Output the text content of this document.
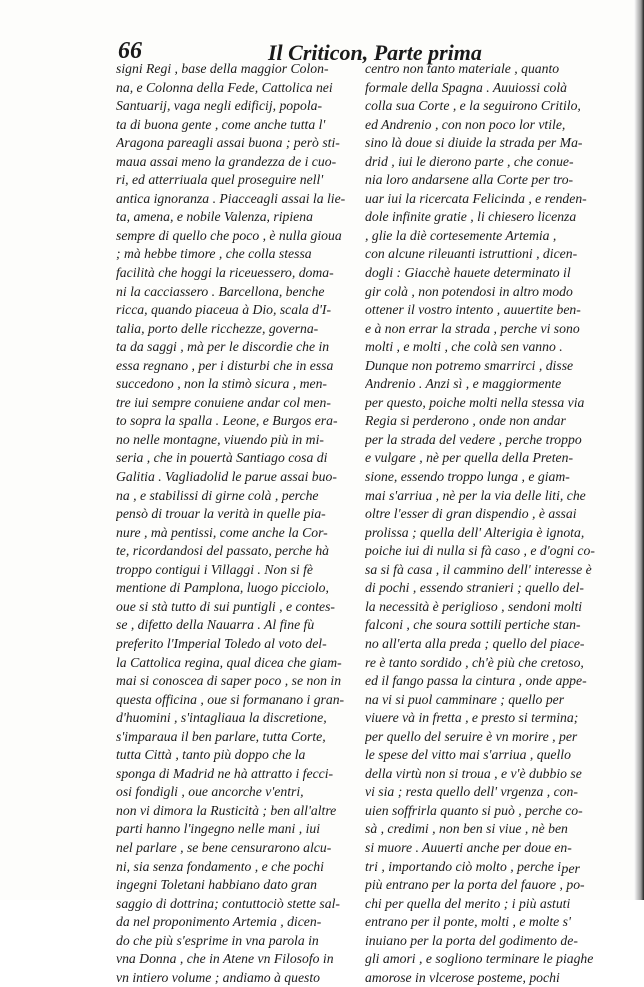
66	Il Criticon, Parte prima
signi Regi , base della maggior Colon-
na, e Colonna della Fede, Cattolica nei
Santuarij, vaga negli edificij, popola-
ta di buona gente , come anche tutta l'
Aragona pareagli assai buona ; però sti-
maua assai meno la grandezza de i cuo-
ri, ed atterriuala quel proseguire nell'
antica ignoranza . Piacceagli assai la lie-
ta, amena, e nobile Valenza, ripiena
sempre di quello che poco , è nulla gioua
; mà hebbe timore , che colla stessa
facilità che hoggi la riceuessero, doma-
ni la cacciassero . Barcellona, benche
ricca, quando piaceua à Dio, scala d'I-
talia, porto delle ricchezze, governa-
ta da saggi , mà per le discordie che in
essa regnano , per i disturbi che in essa
succedono , non la stimò sicura , men-
tre iui sempre conuiene andar col men-
to sopra la spalla . Leone, e Burgos era-
no nelle montagne, viuendo più in mi-
seria , che in pouertà Santiago cosa di
Galitia . Vagliadolid le parue assai buo-
na , e stabilissi di girne colà , perche
pensò di trouar la verità in quelle pia-
nure , mà pentissi, come anche la Cor-
te, ricordandosi del passato, perche hà
troppo contigui i Villaggi . Non si fè
mentione di Pamplona, luogo picciolo,
oue si stà tutto di sui puntigli , e contes-
se , difetto della Nauarra . Al fine fù
preferito l'Imperial Toledo al voto del-
la Cattolica regina, qual dicea che giam-
mai si conoscea di saper poco , se non in
questa officina , oue si formanano i gran-
d'huomini , s'intagliaua la discretione,
s'imparaua il ben parlare, tutta Corte,
tutta Città , tanto più doppo che la
sponga di Madrid ne hà attratto i fecci-
osi fondigli , oue ancorche v'entri,
non vi dimora la Rusticità ; ben all'altre
parti hanno l'ingegno nelle mani , iui
nel parlare , se bene censurarono alcu-
ni, sia senza fondamento , e che pochi
ingegni Toletani habbiano dato gran
saggio di dottrina; contuttociò stette sal-
da nel proponimento Artemia , dicen-
do che più s'esprime in vna parola in
vna Donna , che in Atene vn Filosofo in
vn intiero volume ; andiamo à questo
centro non tanto materiale , quanto
formale della Spagna . Auuiossi colà
colla sua Corte , e la seguirono Critilo,
ed Andrenio , con non poco lor vtile,
sino là doue si diuide la strada per Ma-
drid , iui le dierono parte , che conue-
nia loro andarsene alla Corte per tro-
uar iui la ricercata Felicinda , e renden-
dole infinite gratie , li chiesero licenza
, glie la diè cortesemente Artemia ,
con alcune rileuanti istruttioni , dicen-
dogli : Giacchè hauete determinato il
gir colà , non potendosi in altro modo
ottener il vostro intento , auuertite ben-
e à non errar la strada , perche vi sono
molti , e molti , che colà sen vanno .
Dunque non potremo smarrirci , disse
Andrenio . Anzi sì , e maggiormente
per questo, poiche molti nella stessa via
Regia si perderono , onde non andar
per la strada del vedere , perche troppo
e vulgare , nè per quella della Preten-
sione, essendo troppo lunga , e giam-
mai s'arriua , nè per la via delle liti, che
oltre l'esser di gran dispendio , è assai
prolissa ; quella dell' Alterigia è ignota,
poiche iui di nulla si fà caso , e d'ogni co-
sa si fà casa , il cammino dell' interesse è
di pochi , essendo stranieri ; quello del-
la necessità è periglioso , sendoni molti
falconi , che soura sottili pertiche stan-
no all'erta alla preda ; quello del piace-
re è tanto sordido , ch'è più che cretoso,
ed il fango passa la cintura , onde appe-
na vi si puol camminare ; quello per
viuere và in fretta , e presto si termina;
per quello del seruire è vn morire , per
le spese del vitto mai s'arriua , quello
della virtù non si troua , e v'è dubbio se
vi sia ; resta quello dell' vrgenza , con-
uien soffrirla quanto si può , perche co-
sà , credimi , non ben si viue , nè ben
si muore . Auuerti anche per doue en-
tri , importando ciò molto , perche i
più entrano per la porta del fauore , po-
chi per quella del merito ; i più astuti
entrano per il ponte, molti , e molte s'
inuiano per la porta del godimento de-
gli amori , e sogliono terminare le piaghe
amorose in vlcerose posteme, pochi
per
